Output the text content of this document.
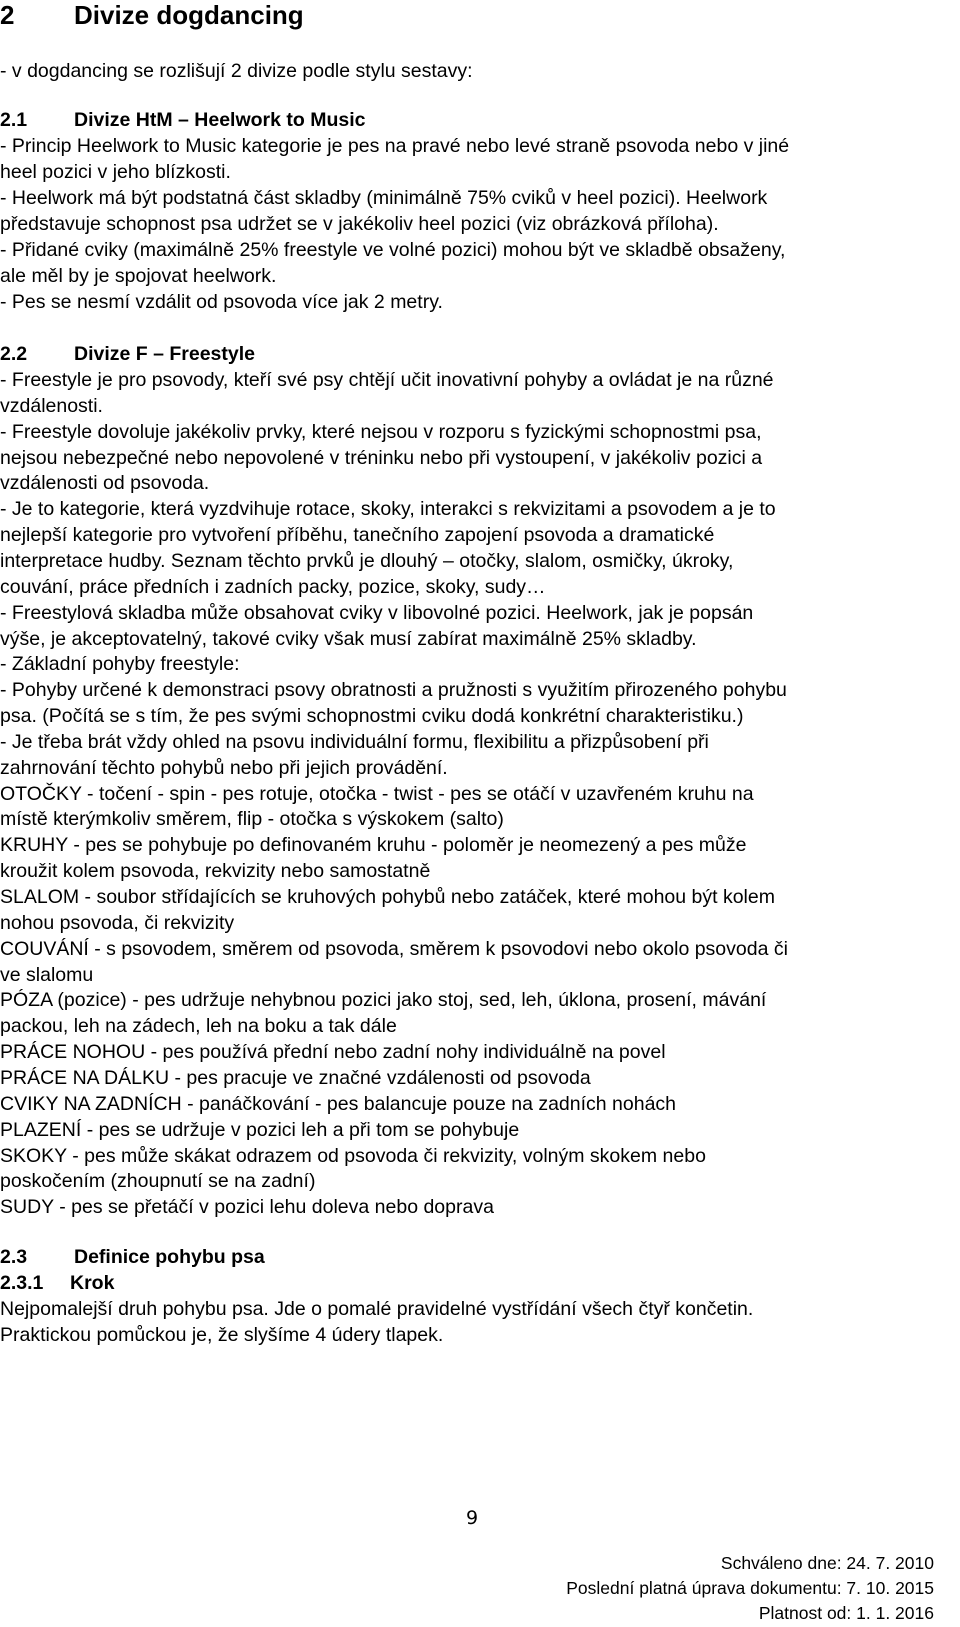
2 Divize dogdancing
- v dogdancing se rozlišují 2 divize podle stylu sestavy:
2.1 Divize HtM – Heelwork to Music
- Princip Heelwork to Music kategorie je pes na pravé nebo levé straně psovoda nebo v jiné
heel pozici v jeho blízkosti.
- Heelwork má být podstatná část skladby (minimálně 75% cviků v heel pozici). Heelwork
představuje schopnost psa udržet se v jakékoliv heel pozici (viz obrázková příloha).
- Přidané cviky (maximálně 25% freestyle ve volné pozici) mohou být ve skladbě obsaženy,
ale měl by je spojovat heelwork.
- Pes se nesmí vzdálit od psovoda více jak 2 metry.
2.2 Divize F – Freestyle
- Freestyle je pro psovody, kteří své psy chtějí učit inovativní pohyby a ovládat je na různé
vzdálenosti.
- Freestyle dovoluje jakékoliv prvky, které nejsou v rozporu s fyzickými schopnostmi psa,
nejsou nebezpečné nebo nepovolené v tréninku nebo při vystoupení, v jakékoliv pozici a
vzdálenosti od psovoda.
- Je to kategorie, která vyzdvihuje rotace, skoky, interakci s rekvizitami a psovodem a je to
nejlepší kategorie pro vytvoření příběhu, tanečního zapojení psovoda a dramatické
interpretace hudby. Seznam těchto prvků je dlouhý – otočky, slalom, osmičky, úkroky,
couvání, práce předních i zadních packy, pozice, skoky, sudy…
- Freestylová skladba může obsahovat cviky v libovolné pozici. Heelwork, jak je popsán
výše, je akceptovatelný, takové cviky však musí zabírat maximálně 25% skladby.
- Základní pohyby freestyle:
- Pohyby určené k demonstraci psovy obratnosti a pružnosti s využitím přirozeného pohybu
psa. (Počítá se s tím, že pes svými schopnostmi cviku dodá konkrétní charakteristiku.)
- Je třeba brát vždy ohled na psovu individuální formu, flexibilitu a přizpůsobení při
zahrnování těchto pohybů nebo při jejich provádění.
OTOČKY - točení - spin - pes rotuje, otočka - twist - pes se otáčí v uzavřeném kruhu na
místě kterýmkoliv směrem, flip - otočka s výskokem (salto)
KRUHY - pes se pohybuje po definovaném kruhu - poloměr je neomezený a pes může
kroužit kolem psovoda, rekvizity nebo samostatně
SLALOM - soubor střídajících se kruhových pohybů nebo zatáček, které mohou být kolem
nohou psovoda, či rekvizity
COUVÁNÍ - s psovodem, směrem od psovoda, směrem k psovodovi nebo okolo psovoda či
ve slalomu
PÓZA (pozice) - pes udržuje nehybnou pozici jako stoj, sed, leh, úklona, prosení, mávání
packou, leh na zádech, leh na boku a tak dále
PRÁCE NOHOU - pes používá přední nebo zadní nohy individuálně na povel
PRÁCE NA DÁLKU - pes pracuje ve značné vzdálenosti od psovoda
CVIKY NA ZADNÍCH - panáčkování - pes balancuje pouze na zadních nohách
PLAZENÍ - pes se udržuje v pozici leh a při tom se pohybuje
SKOKY - pes může skákat odrazem od psovoda či rekvizity, volným skokem nebo
poskočením (zhoupnutí se na zadní)
SUDY - pes se přetáčí v pozici lehu doleva nebo doprava
2.3 Definice pohybu psa
2.3.1 Krok
Nejpomalejší druh pohybu psa. Jde o pomalé pravidelné vystřídání všech čtyř končetin.
Praktickou pomůckou je, že slyšíme 4 údery tlapek.
9
Schváleno dne: 24. 7. 2010
Poslední platná úprava dokumentu: 7. 10. 2015
Platnost od: 1. 1. 2016
